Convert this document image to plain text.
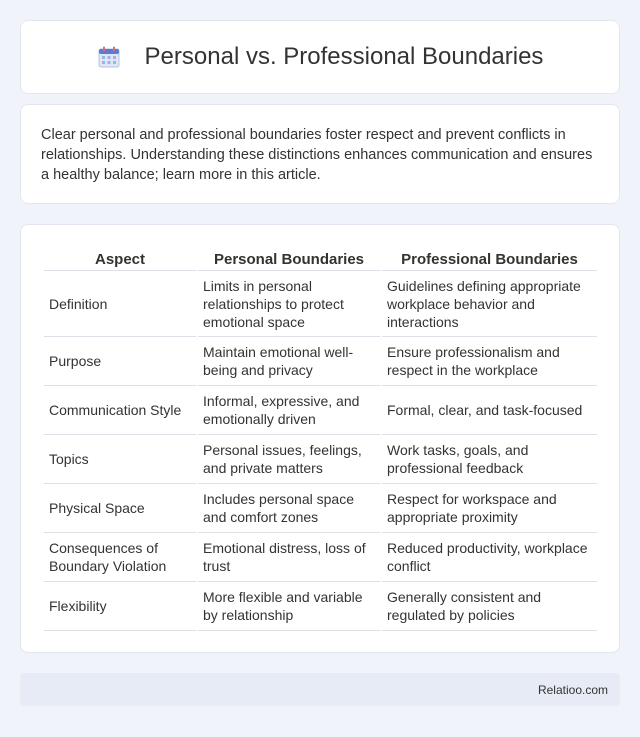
Personal vs. Professional Boundaries

Clear personal and professional boundaries foster respect and prevent conflicts in relationships. Understanding these distinctions enhances communication and ensures a healthy balance; learn more in this article.

Aspect	Personal Boundaries	Professional Boundaries
Definition	Limits in personal relationships to protect emotional space	Guidelines defining appropriate workplace behavior and interactions
Purpose	Maintain emotional well-being and privacy	Ensure professionalism and respect in the workplace
Communication Style	Informal, expressive, and emotionally driven	Formal, clear, and task-focused
Topics	Personal issues, feelings, and private matters	Work tasks, goals, and professional feedback
Physical Space	Includes personal space and comfort zones	Respect for workspace and appropriate proximity
Consequences of Boundary Violation	Emotional distress, loss of trust	Reduced productivity, workplace conflict
Flexibility	More flexible and variable by relationship	Generally consistent and regulated by policies
Relatioo.com
